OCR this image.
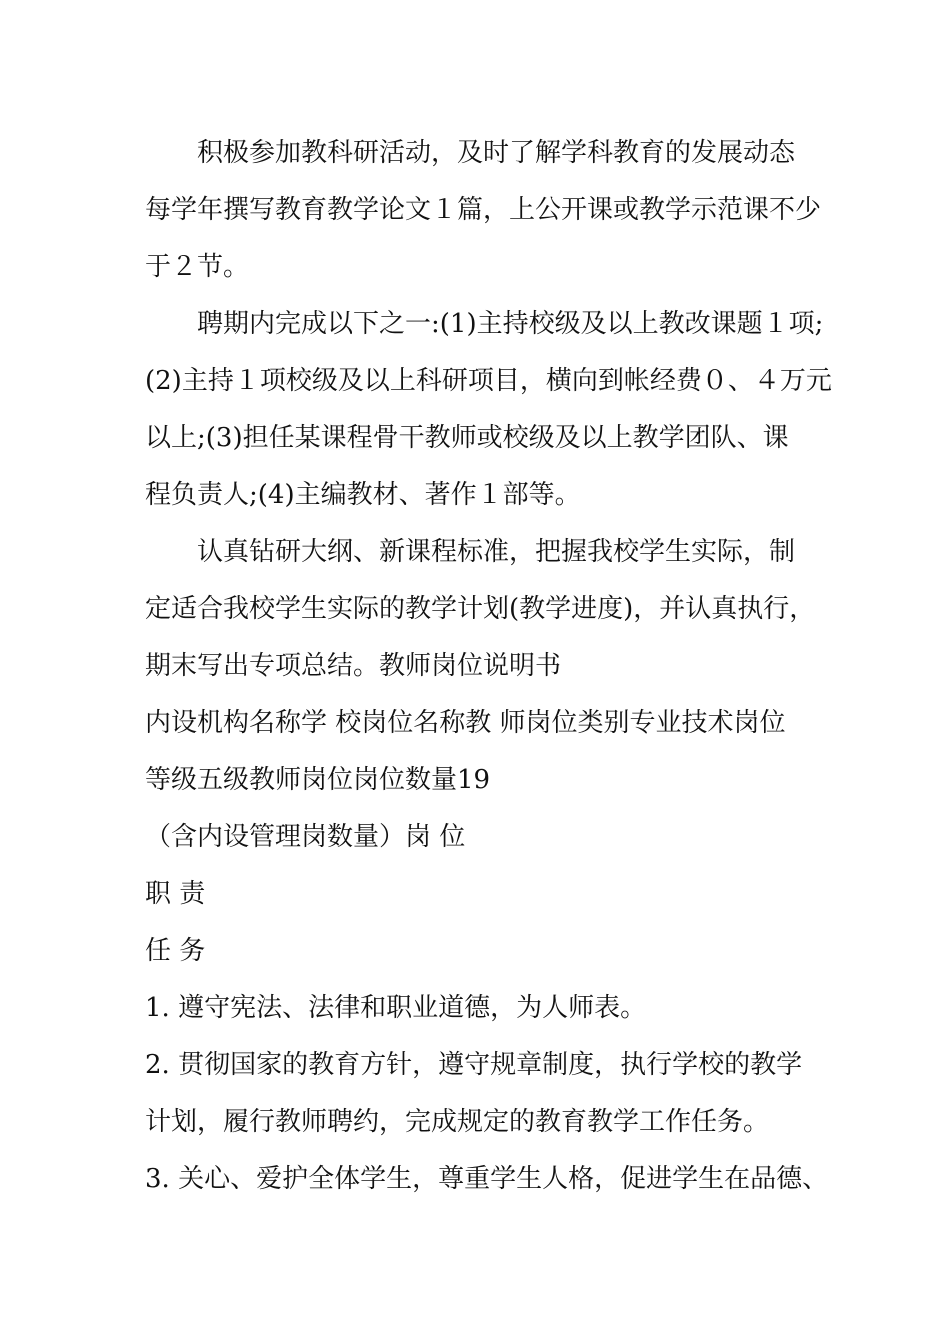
积极参加教科研活动，及时了解学科教育的发展动态
每学年撰写教育教学论文１篇，上公开课或教学示范课不少
于２节。
聘期内完成以下之一:(1)主持校级及以上教改课题１项;
(2)主持１项校级及以上科研项目，横向到帐经费０、４万元
以上;(3)担任某课程骨干教师或校级及以上教学团队、课
程负责人;(4)主编教材、著作１部等。
认真钻研大纲、新课程标准，把握我校学生实际，制
定适合我校学生实际的教学计划(教学进度)，并认真执行，
期末写出专项总结。教师岗位说明书
内设机构名称学 校岗位名称教 师岗位类别专业技术岗位
等级五级教师岗位岗位数量19
（含内设管理岗数量）岗 位
职 责
任 务
1. 遵守宪法、法律和职业道德，为人师表。
2. 贯彻国家的教育方针，遵守规章制度，执行学校的教学
计划，履行教师聘约，完成规定的教育教学工作任务。
3. 关心、爱护全体学生，尊重学生人格，促进学生在品德、
